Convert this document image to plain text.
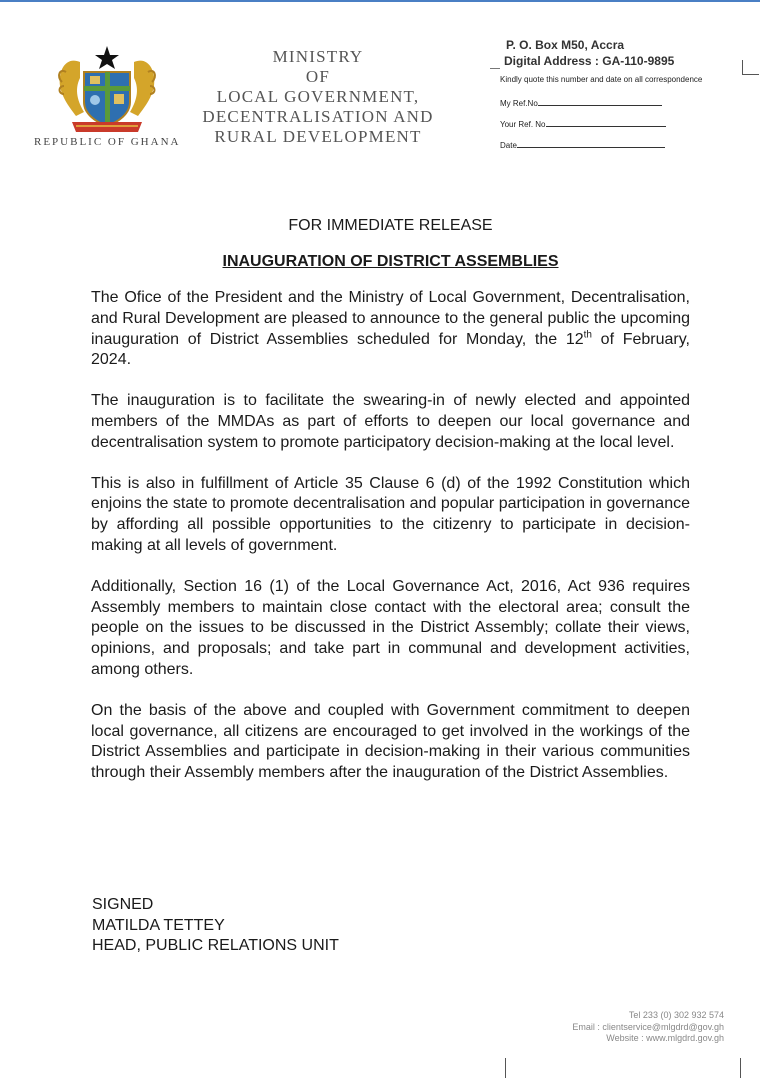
REPUBLIC OF GHANA
MINISTRY
OF
LOCAL GOVERNMENT,
DECENTRALISATION AND
RURAL DEVELOPMENT
P. O. Box M50, Accra
Digital Address : GA-110-9895
Kindly quote this number and date on all correspondence
My Ref.No
Your Ref. No
Date

FOR IMMEDIATE RELEASE

INAUGURATION OF DISTRICT ASSEMBLIES

The Ofice of the President and the Ministry of Local Government, Decentralisation, and Rural Development are pleased to announce to the general public the upcoming inauguration of District Assemblies scheduled for Monday, the 12th of February, 2024.

The inauguration is to facilitate the swearing-in of newly elected and appointed members of the MMDAs as part of efforts to deepen our local governance and decentralisation system to promote participatory decision-making at the local level.

This is also in fulfillment of Article 35 Clause 6 (d) of the 1992 Constitution which enjoins the state to promote decentralisation and popular participation in governance by affording all possible opportunities to the citizenry to participate in decision-making at all levels of government.

Additionally, Section 16 (1) of the Local Governance Act, 2016, Act 936 requires Assembly members to maintain close contact with the electoral area; consult the people on the issues to be discussed in the District Assembly; collate their views, opinions, and proposals; and take part in communal and development activities, among others.

On the basis of the above and coupled with Government commitment to deepen local governance, all citizens are encouraged to get involved in the workings of the District Assemblies and participate in decision-making in their various communities through their Assembly members after the inauguration of the District Assemblies.

SIGNED
MATILDA TETTEY
HEAD, PUBLIC RELATIONS UNIT
Tel 233 (0) 302 932 574
Email : clientservice@mlgdrd@gov.gh
Website : www.mlgdrd.gov.gh
